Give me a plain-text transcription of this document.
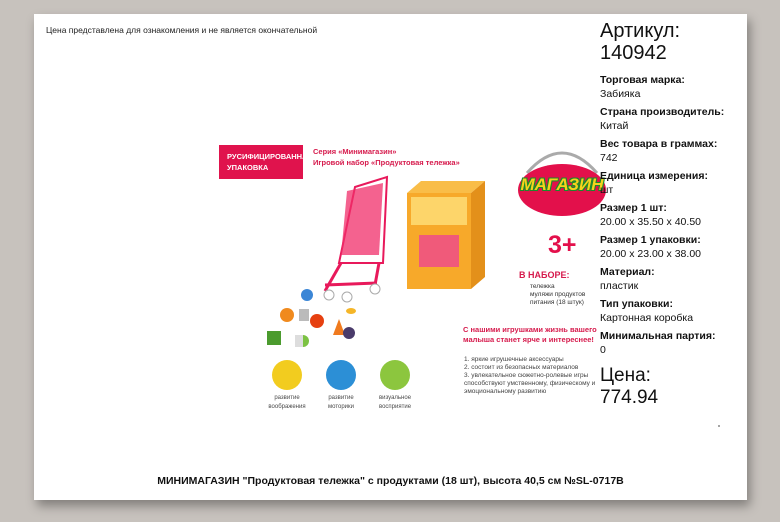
Цена представлена для ознакомления и не является окончательной
РУСИФИЦИРОВАННАЯ УПАКОВКА
Серия «Минимагазин»
Игровой набор «Продуктовая тележка»
МАГАЗИН
3+
В НАБОРЕ:
тележка
муляжи продуктов
питания (18 штук)
С нашими игрушками жизнь вашего
малыша станет ярче и интереснее!
1. яркие игрушечные аксессуары
2. состоит из безопасных материалов
3. увлекательное сюжетно-ролевые игры
способствуют умственному, физическому и
эмоциональному развитию
развитие
воображения
развитие
моторики
визуальное
восприятие
Артикул:
140942
Торговая марка:
Забияка
Страна производитель:
Китай
Вес товара в граммах:
742
Единица измерения:
шт
Размер 1 шт:
20.00 x 35.50 x 40.50
Размер 1 упаковки:
20.00 x 23.00 x 38.00
Материал:
пластик
Тип упаковки:
Картонная коробка
Минимальная партия:
0
Цена:
774.94
МИНИМАГАЗИН "Продуктовая тележка" с продуктами (18 шт), высота 40,5 см №SL-0717B
